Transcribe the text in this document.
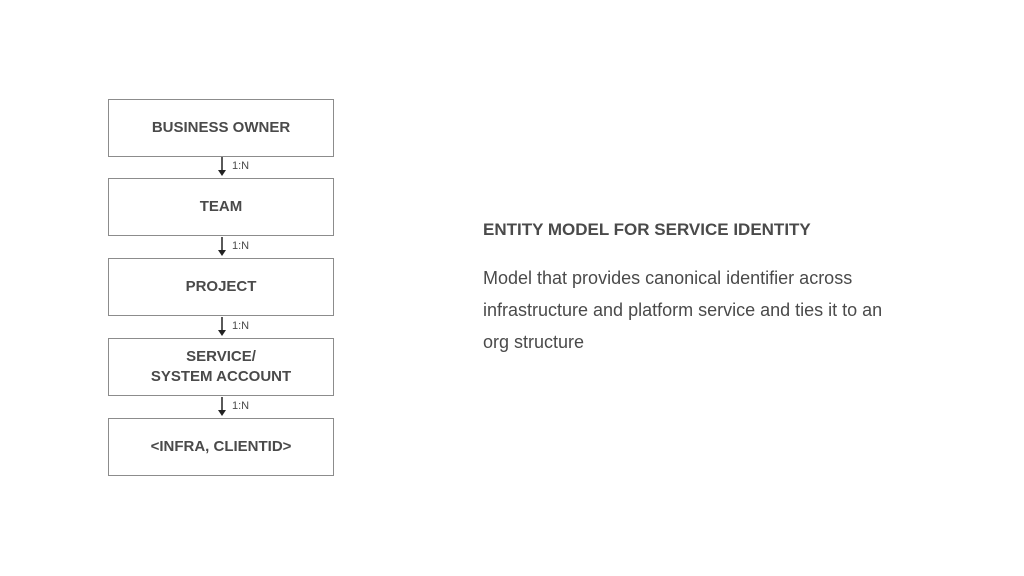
BUSINESS OWNER
1:N
TEAM
1:N
PROJECT
1:N
SERVICE/
SYSTEM ACCOUNT
1:N
<INFRA, CLIENTID>
ENTITY MODEL FOR SERVICE IDENTITY
Model that provides canonical identifier across infrastructure and platform service and ties it to an org structure
